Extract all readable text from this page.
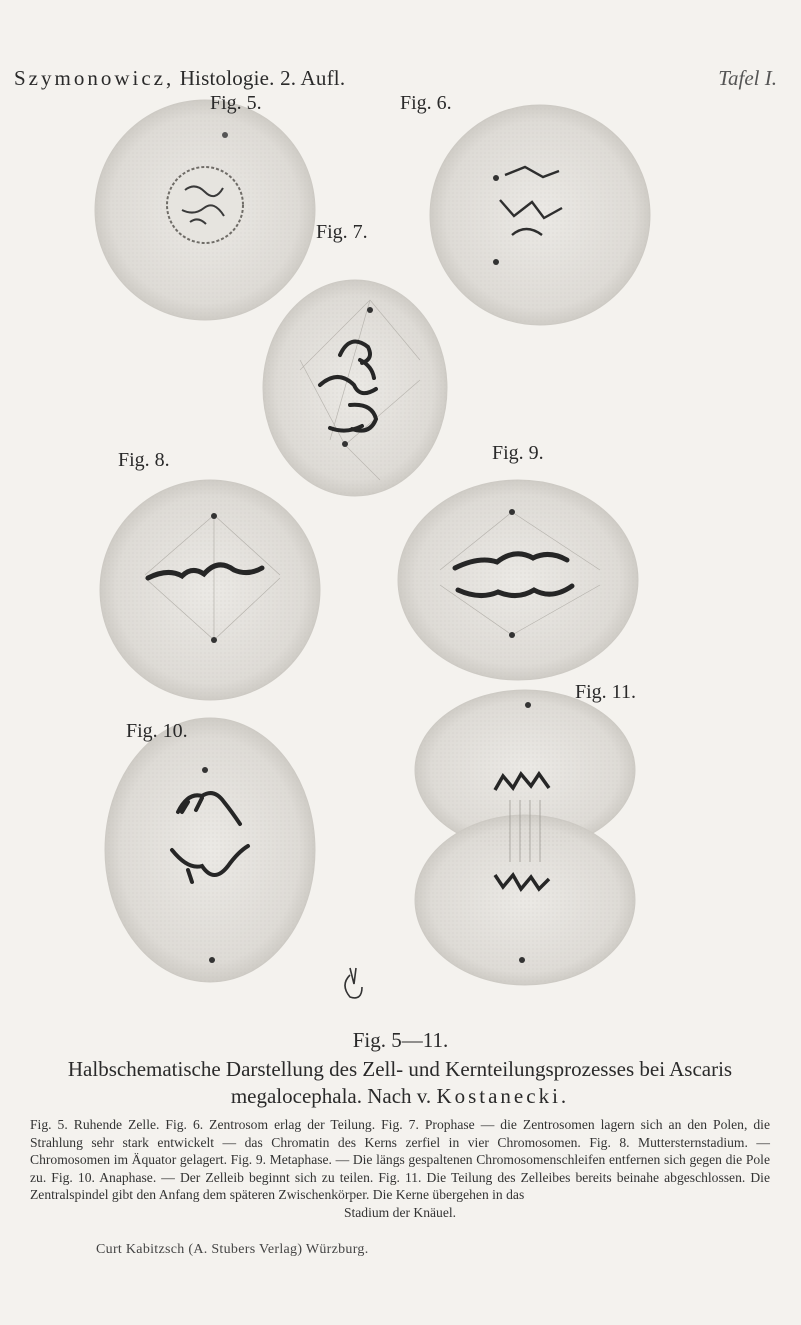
Szymonowicz, Histologie. 2. Aufl.	Tafel I.
Fig. 5.	Fig. 6.
Fig. 7.
Fig. 8.	Fig. 9.
Fig. 10.
Fig. 11.
Fig. 5—11.
Halbschematische Darstellung des Zell- und Kernteilungsprozesses bei Ascaris
megalocephala. Nach v. Kostanecki.
Fig. 5. Ruhende Zelle. Fig. 6. Zentrosom erlag der Teilung. Fig. 7. Prophase — die Zentrosomen lagern sich an den Polen, die Strahlung sehr stark entwickelt — das Chromatin des Kerns zerfiel in vier Chromosomen. Fig. 8. Muttersternstadium. — Chromosomen im Äquator gelagert. Fig. 9. Metaphase. — Die längs gespaltenen Chromosomenschleifen entfernen sich gegen die Pole zu. Fig. 10. Anaphase. — Der Zelleib beginnt sich zu teilen. Fig. 11. Die Teilung des Zelleibes bereits beinahe abgeschlossen. Die Zentralspindel gibt den Anfang dem späteren Zwischenkörper. Die Kerne übergehen in das
Stadium der Knäuel.
Curt Kabitzsch (A. Stubers Verlag) Würzburg.
